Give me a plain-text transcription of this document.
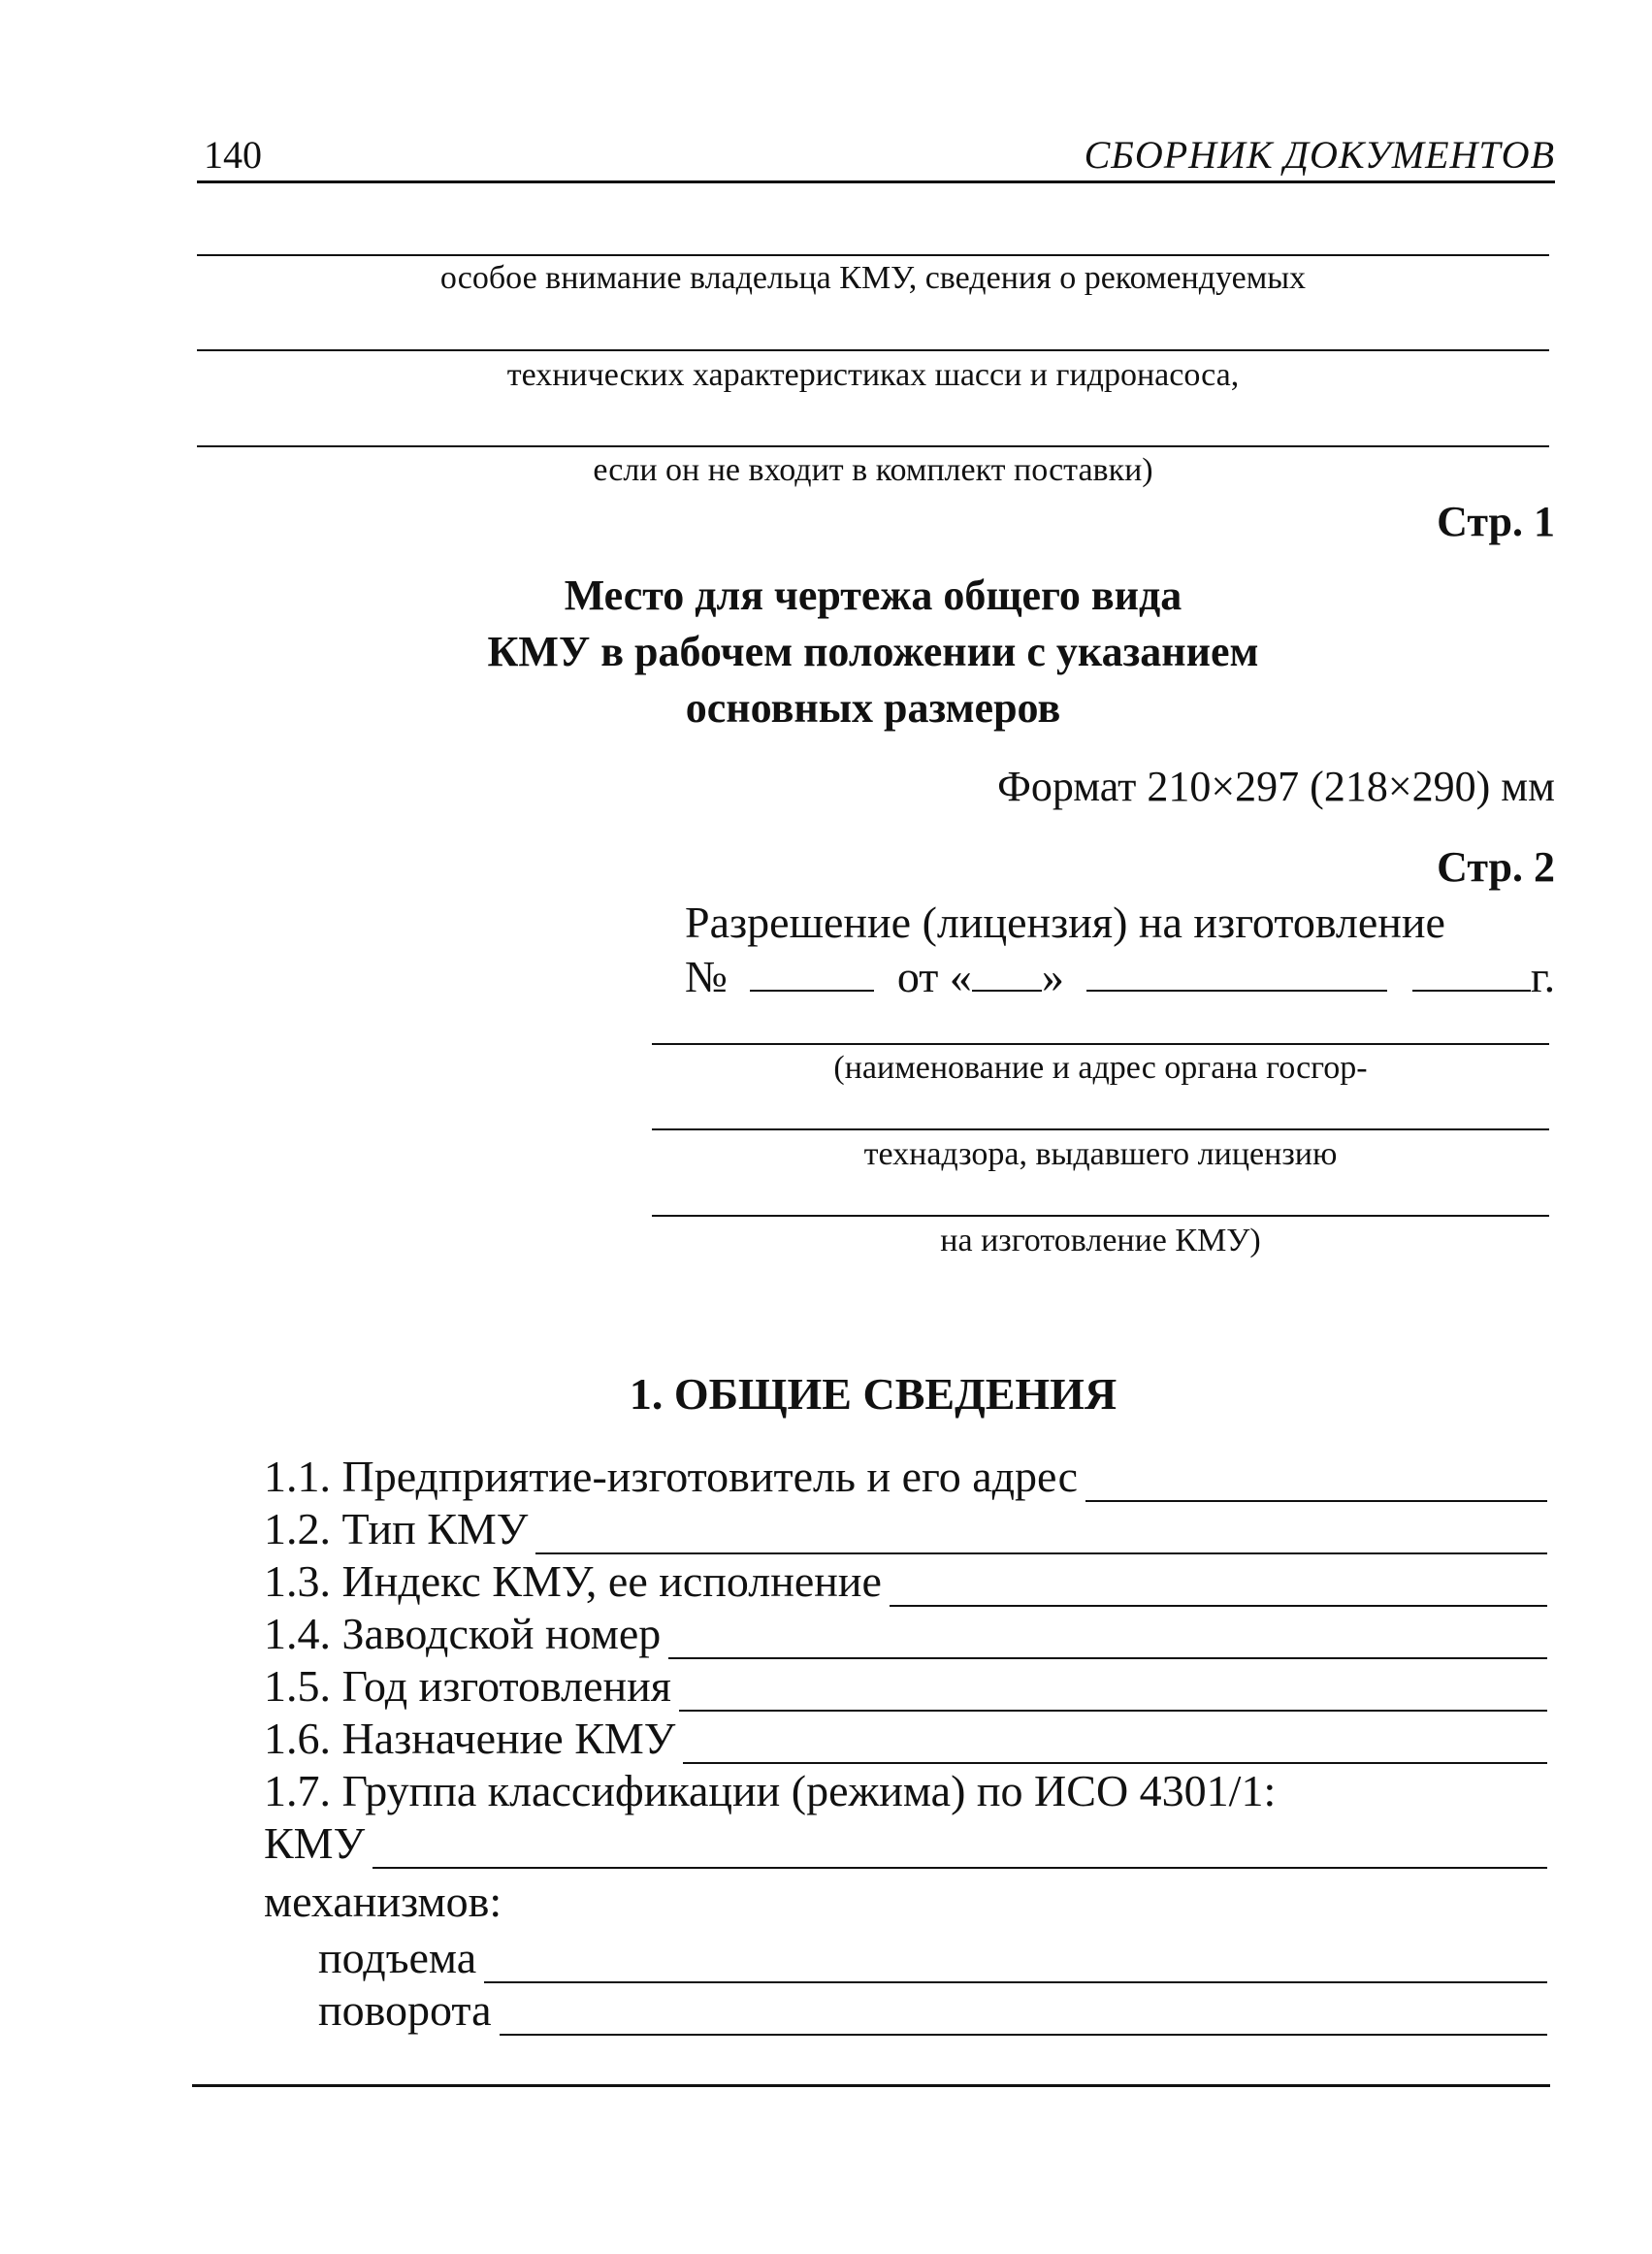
140	СБОРНИК ДОКУМЕНТОВ
особое внимание владельца КМУ, сведения о рекомендуемых
технических характеристиках шасси и гидронасоса,
если он не входит в комплект поставки)
Стр. 1
Место для чертежа общего вида
КМУ в рабочем положении с указанием
основных размеров
Формат 210×297 (218×290) мм
Стр. 2
Разрешение (лицензия) на изготовление
№	от « »	г.
(наименование и адрес органа госгор-
технадзора, выдавшего лицензию
на изготовление КМУ)
1. ОБЩИЕ СВЕДЕНИЯ
1.1. Предприятие-изготовитель и его адрес
1.2. Тип КМУ
1.3. Индекс КМУ, ее исполнение
1.4. Заводской номер
1.5. Год изготовления
1.6. Назначение КМУ
1.7. Группа классификации (режима) по ИСО 4301/1:
КМУ
механизмов:
подъема
поворота
